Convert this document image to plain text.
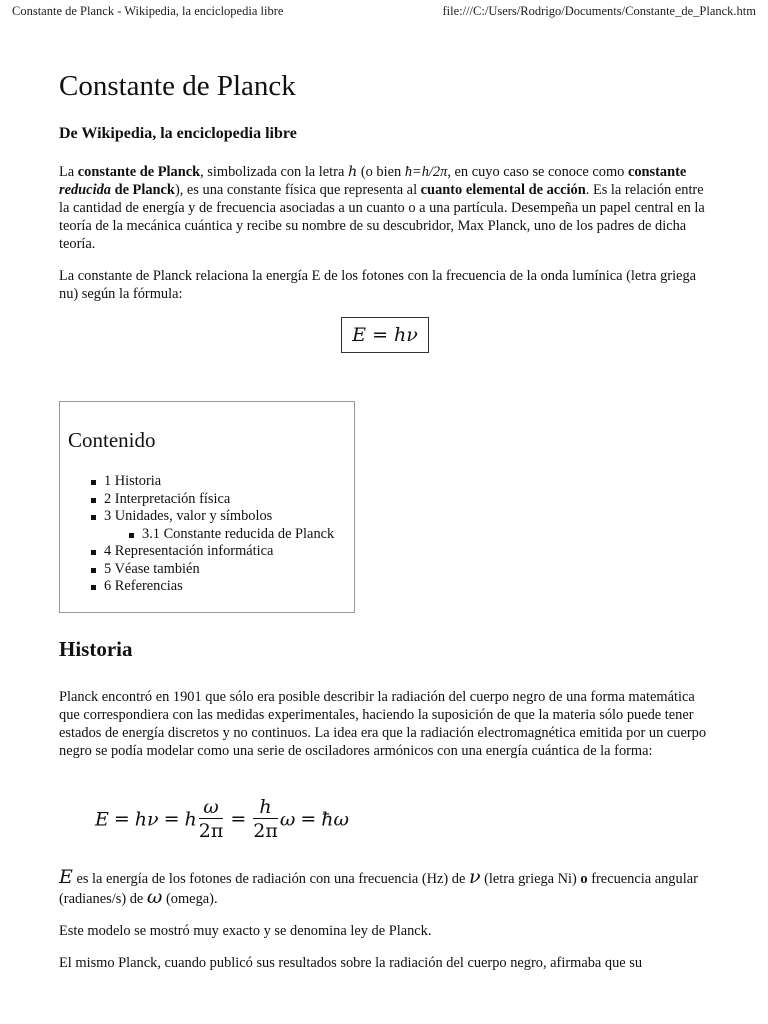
Constante de Planck - Wikipedia, la enciclopedia libre	file:///C:/Users/Rodrigo/Documents/Constante_de_Planck.htm
Constante de Planck
De Wikipedia, la enciclopedia libre

La constante de Planck, simbolizada con la letra h (o bien ħ=h/2π, en cuyo caso se conoce como constante reducida de Planck), es una constante física que representa al cuanto elemental de acción. Es la relación entre la cantidad de energía y de frecuencia asociadas a un cuanto o a una partícula. Desempeña un papel central en la teoría de la mecánica cuántica y recibe su nombre de su descubridor, Max Planck, uno de los padres de dicha teoría.

La constante de Planck relaciona la energía E de los fotones con la frecuencia de la onda lumínica (letra griega nu) según la fórmula:

E = hν
Contenido
1 Historia
2 Interpretación física
3 Unidades, valor y símbolos
3.1 Constante reducida de Planck
4 Representación informática
5 Véase también
6 Referencias
Historia

Planck encontró en 1901 que sólo era posible describir la radiación del cuerpo negro de una forma matemática que correspondiera con las medidas experimentales, haciendo la suposición de que la materia sólo puede tener estados de energía discretos y no continuos. La idea era que la radiación electromagnética emitida por un cuerpo negro se podía modelar como una serie de osciladores armónicos con una energía cuántica de la forma:

E = hν = h $\frac{\omega}{2\pi} = \frac{h}{2\pi}$ ω = ħω

E es la energía de los fotones de radiación con una frecuencia (Hz) de ν (letra griega Ni) o frecuencia angular (radianes/s) de ω (omega).

Este modelo se mostró muy exacto y se denomina ley de Planck.

El mismo Planck, cuando publicó sus resultados sobre la radiación del cuerpo negro, afirmaba que su
